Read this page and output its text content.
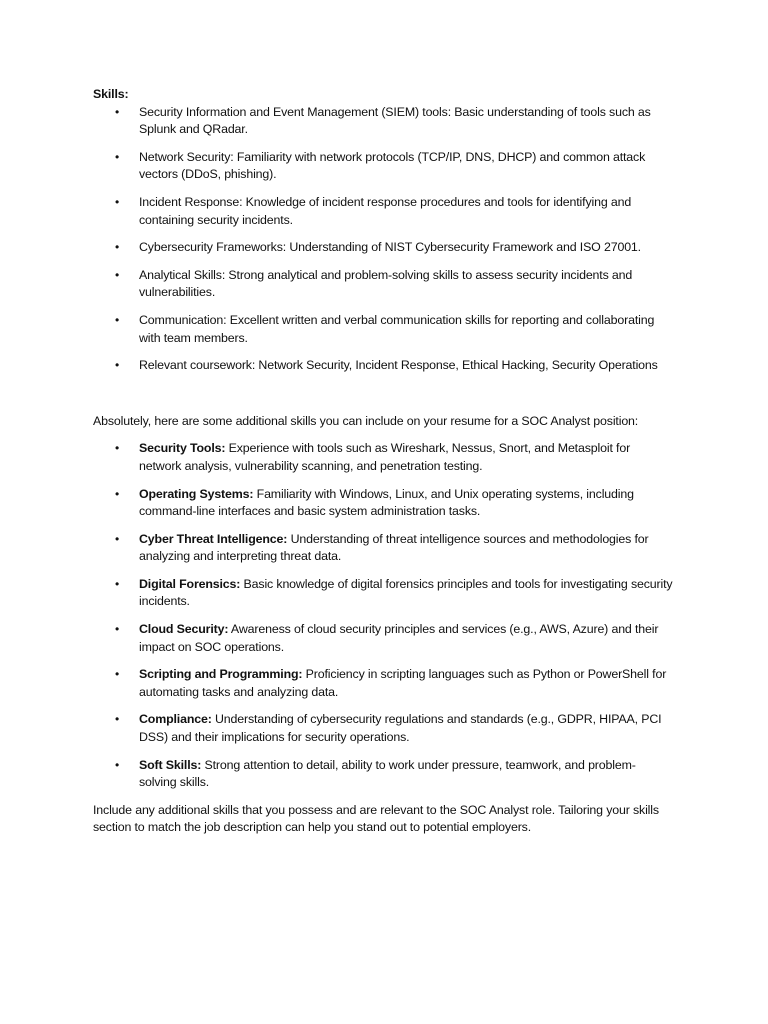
Skills:

• Security Information and Event Management (SIEM) tools: Basic understanding of tools such as Splunk and QRadar.
• Network Security: Familiarity with network protocols (TCP/IP, DNS, DHCP) and common attack vectors (DDoS, phishing).
• Incident Response: Knowledge of incident response procedures and tools for identifying and containing security incidents.
• Cybersecurity Frameworks: Understanding of NIST Cybersecurity Framework and ISO 27001.
• Analytical Skills: Strong analytical and problem-solving skills to assess security incidents and vulnerabilities.
• Communication: Excellent written and verbal communication skills for reporting and collaborating with team members.
• Relevant coursework: Network Security, Incident Response, Ethical Hacking, Security Operations

Absolutely, here are some additional skills you can include on your resume for a SOC Analyst position:

• Security Tools: Experience with tools such as Wireshark, Nessus, Snort, and Metasploit for network analysis, vulnerability scanning, and penetration testing.
• Operating Systems: Familiarity with Windows, Linux, and Unix operating systems, including command-line interfaces and basic system administration tasks.
• Cyber Threat Intelligence: Understanding of threat intelligence sources and methodologies for analyzing and interpreting threat data.
• Digital Forensics: Basic knowledge of digital forensics principles and tools for investigating security incidents.
• Cloud Security: Awareness of cloud security principles and services (e.g., AWS, Azure) and their impact on SOC operations.
• Scripting and Programming: Proficiency in scripting languages such as Python or PowerShell for automating tasks and analyzing data.
• Compliance: Understanding of cybersecurity regulations and standards (e.g., GDPR, HIPAA, PCI DSS) and their implications for security operations.
• Soft Skills: Strong attention to detail, ability to work under pressure, teamwork, and problem-solving skills.

Include any additional skills that you possess and are relevant to the SOC Analyst role. Tailoring your skills section to match the job description can help you stand out to potential employers.
